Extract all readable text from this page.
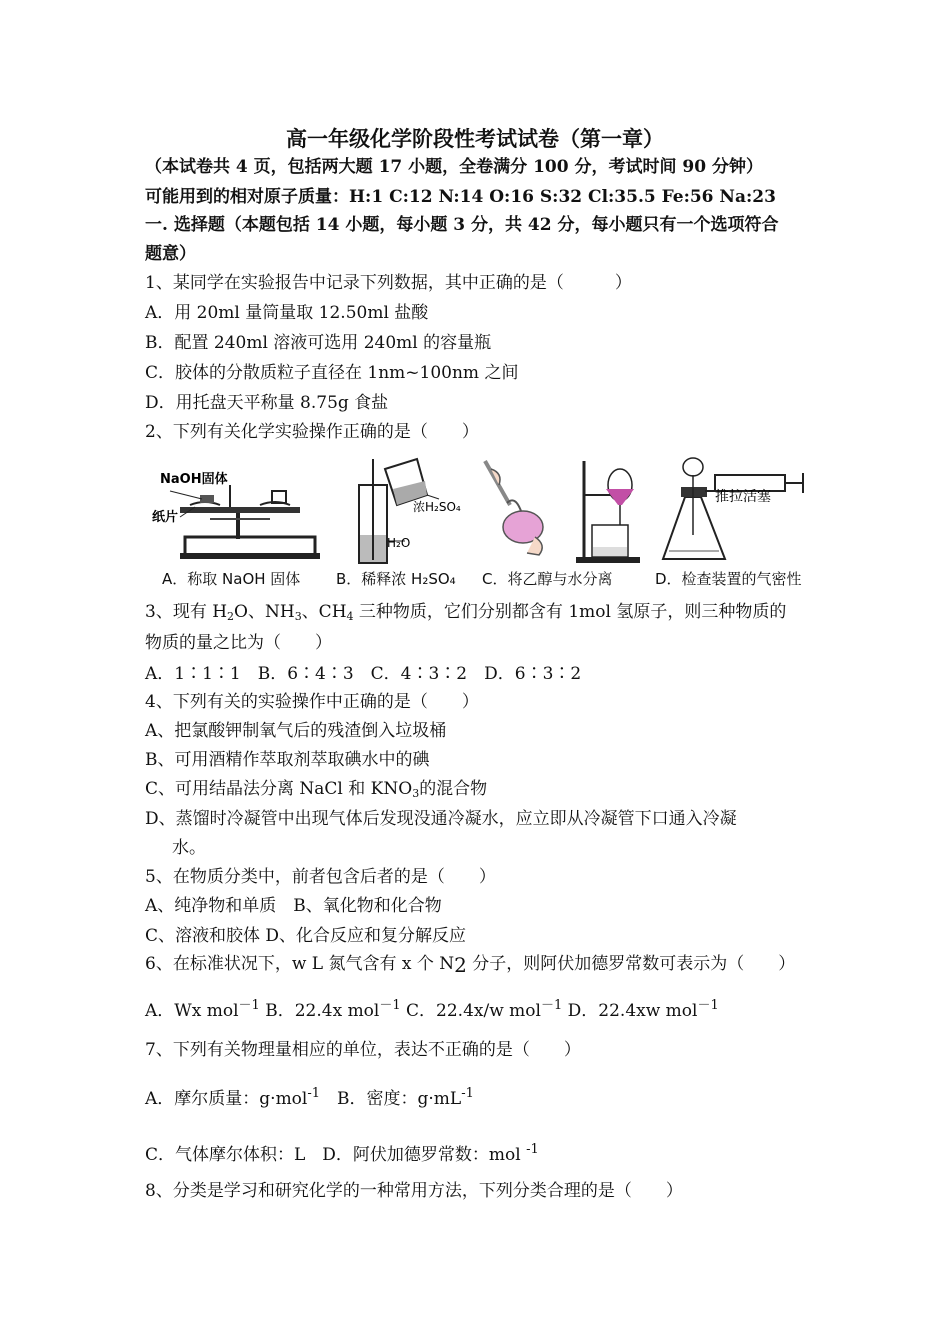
高一年级化学阶段性考试试卷（第一章）
（本试卷共 4 页，包括两大题 17 小题，全卷满分 100 分，考试时间 90 分钟）
可能用到的相对原子质量：H:1 C:12 N:14 O:16 S:32 Cl:35.5 Fe:56 Na:23
一. 选择题（本题包括 14 小题，每小题 3 分，共 42 分，每小题只有一个选项符合
题意）
1、某同学在实验报告中记录下列数据，其中正确的是（　　　）
A．用 20ml 量筒量取 12.50ml 盐酸
B．配置 240ml 溶液可选用 240ml 的容量瓶
C．胶体的分散质粒子直径在 1nm~100nm 之间
D．用托盘天平称量 8.75g 食盐
2、下列有关化学实验操作正确的是（　　）
NaOH固体
纸片
浓H₂SO₄
H₂O
推拉活塞
A．称取 NaOH 固体 B．稀释浓 H₂SO₄ C．将乙醇与水分离	D．检查装置的气密性
3、现有 $H_2O$、$NH_3$、$CH_4$ 三种物质，它们分别都含有 1mol 氢原子，则三种物质的
物质的量之比为（　　）
A．1∶1∶1　B．6∶4∶3　C．4∶3∶2　D．6∶3∶2
4、下列有关的实验操作中正确的是（　　）
A、把氯酸钾制氧气后的残渣倒入垃圾桶
B、可用酒精作萃取剂萃取碘水中的碘
C、可用结晶法分离 NaCl 和 $KNO_3$的混合物
D、蒸馏时冷凝管中出现气体后发现没通冷凝水，应立即从冷凝管下口通入冷凝
水。
5、在物质分类中，前者包含后者的是（　　）
A、纯净物和单质　B、氧化物和化合物
C、溶液和胶体 D、化合反应和复分解反应
6、在标准状况下，w L 氮气含有 x 个 $N_2$ 分子，则阿伏加德罗常数可表示为（　　）
A．Wx mol$^{-1}$ B．22.4x mol$^{-1}$ C．22.4x/w mol$^{-1}$ D．22.4xw mol$^{-1}$
7、下列有关物理量相应的单位，表达不正确的是（　　）
A．摩尔质量：g·mol$^{-1}$　B．密度：$g\cdot mL^{-1}$
C．气体摩尔体积：L　D．阿伏加德罗常数：mol $^{-1}$
8、分类是学习和研究化学的一种常用方法，下列分类合理的是（　　）
